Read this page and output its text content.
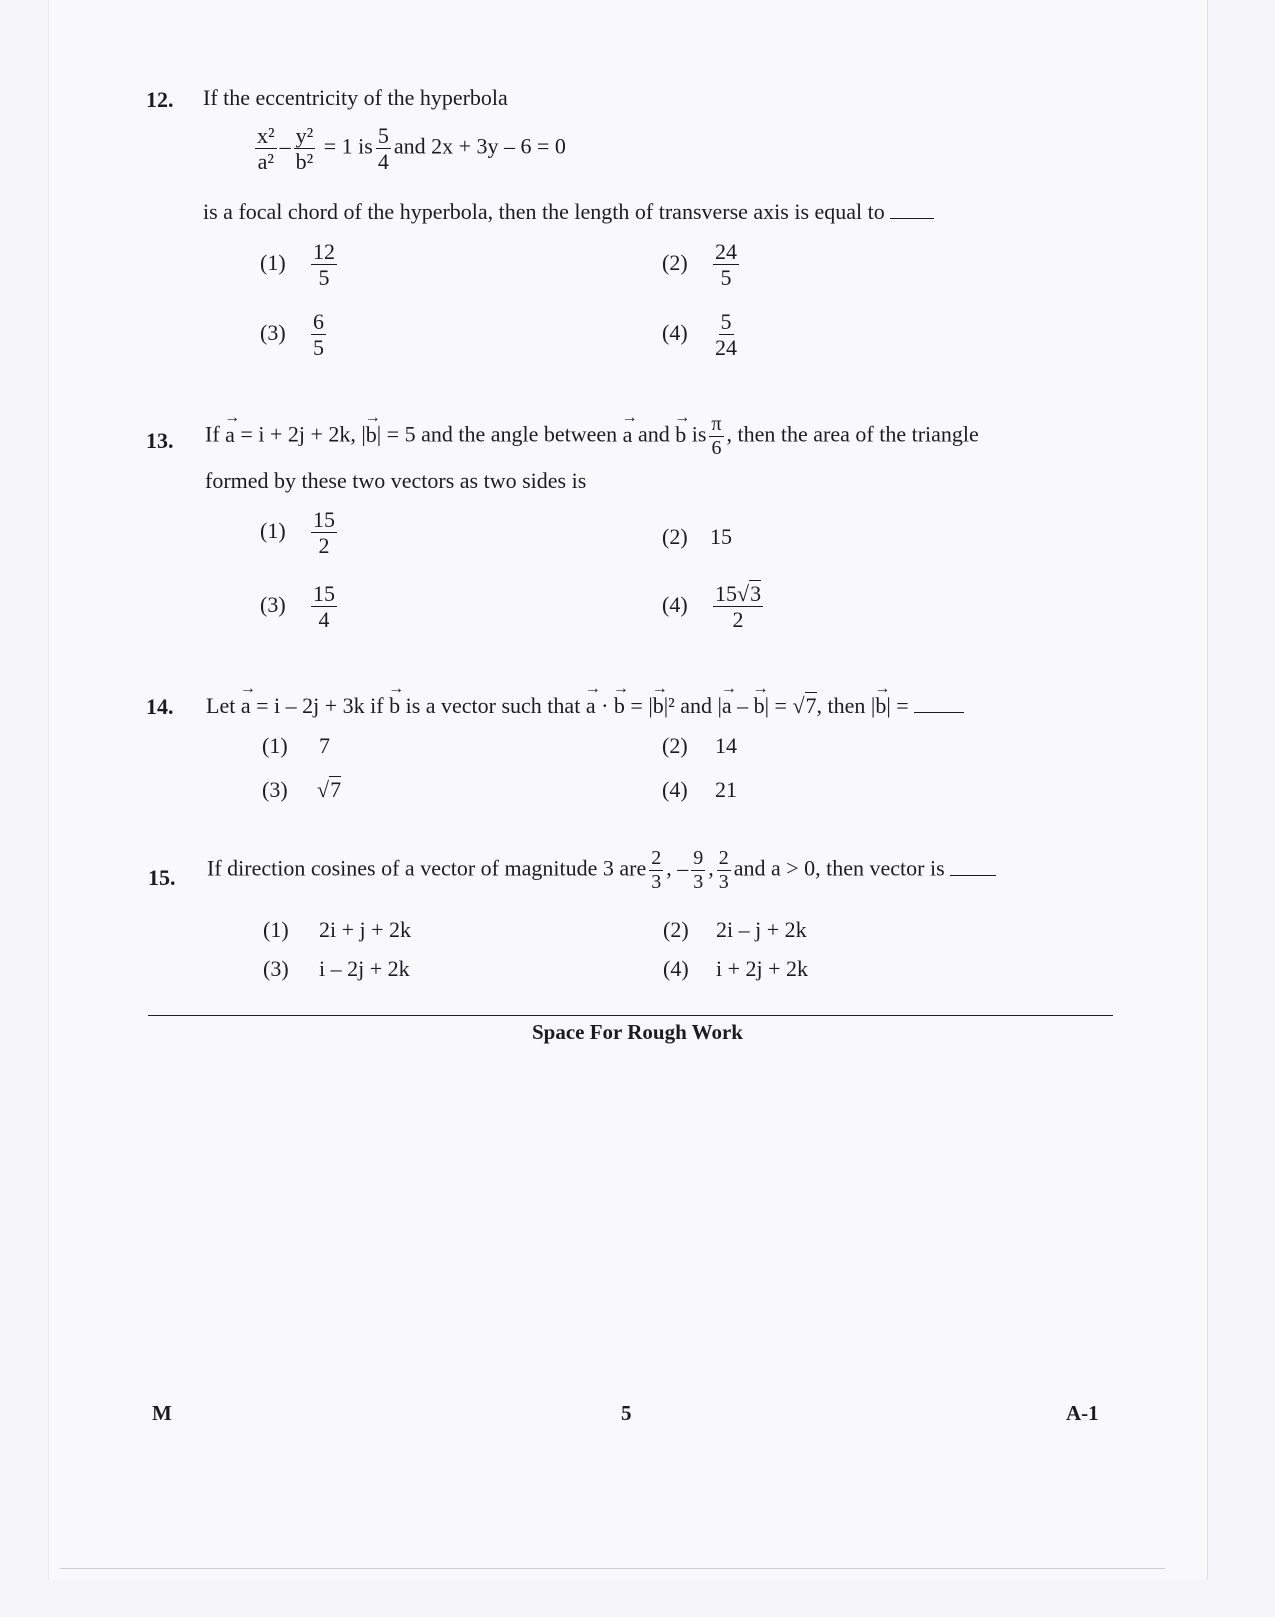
12. If the eccentricity of the hyperbola
$\frac{\text{x²}}{\text{a²}} - \frac{\text{y²}}{\text{b²}} = 1$ is $\frac{5}{4}$ and 2x + 3y – 6 = 0
is a focal chord of the hyperbola, then the length of transverse axis is equal to
$(1) \frac{12}{5}$	$(2) \frac{24}{5}$
$(3) \frac{6}{5}$	$(4) \frac{5}{24}$
13. If → a = i + 2j + 2k, |→ b| = 5 and the angle between → a and → b is $\frac{\pi}{6}$ , then the area of the triangle
formed by these two vectors as two sides is
$(1) \frac{15}{2}$	(2) 15
$(3) \frac{15}{4}$	$(4) \frac{15√3}{2}$
14. Let → a = i – 2j + 3k if → b is a vector such that → a · → b = |→ b|² and |→ a – → b| = √7, then |→ b| =
(1) 7	(2) 14
(3) √7	(4) 21
15. If direction cosines of a vector of magnitude 3 are $\frac{2}{3}$ , – $\frac{9}{3}$ , $\frac{2}{3}$ and a > 0, then vector is
(1) 2i + j + 2k	(2) 2i – j + 2k
(3) i – 2j + 2k	(4) i + 2j + 2k
Space For Rough Work
M	5	A-1
